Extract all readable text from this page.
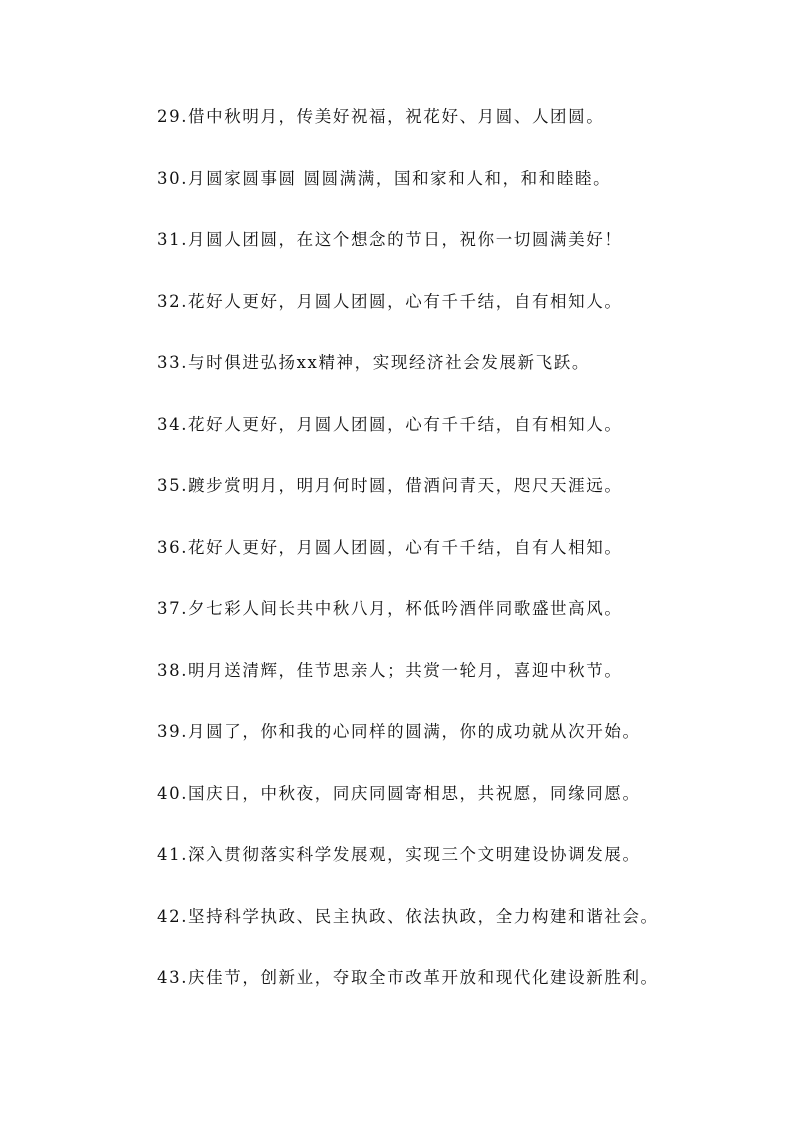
29.借中秋明月，传美好祝福，祝花好、月圆、人团圆。
30.月圆家圆事圆 圆圆满满，国和家和人和，和和睦睦。
31.月圆人团圆，在这个想念的节日，祝你一切圆满美好！
32.花好人更好，月圆人团圆，心有千千结，自有相知人。
33.与时俱进弘扬xx精神，实现经济社会发展新飞跃。
34.花好人更好，月圆人团圆，心有千千结，自有相知人。
35.踱步赏明月，明月何时圆，借酒问青天，咫尺天涯远。
36.花好人更好，月圆人团圆，心有千千结，自有人相知。
37.夕七彩人间长共中秋八月，杯低吟酒伴同歌盛世高风。
38.明月送清辉，佳节思亲人；共赏一轮月，喜迎中秋节。
39.月圆了，你和我的心同样的圆满，你的成功就从次开始。
40.国庆日，中秋夜，同庆同圆寄相思，共祝愿，同缘同愿。
41.深入贯彻落实科学发展观，实现三个文明建设协调发展。
42.坚持科学执政、民主执政、依法执政，全力构建和谐社会。
43.庆佳节，创新业，夺取全市改革开放和现代化建设新胜利。
